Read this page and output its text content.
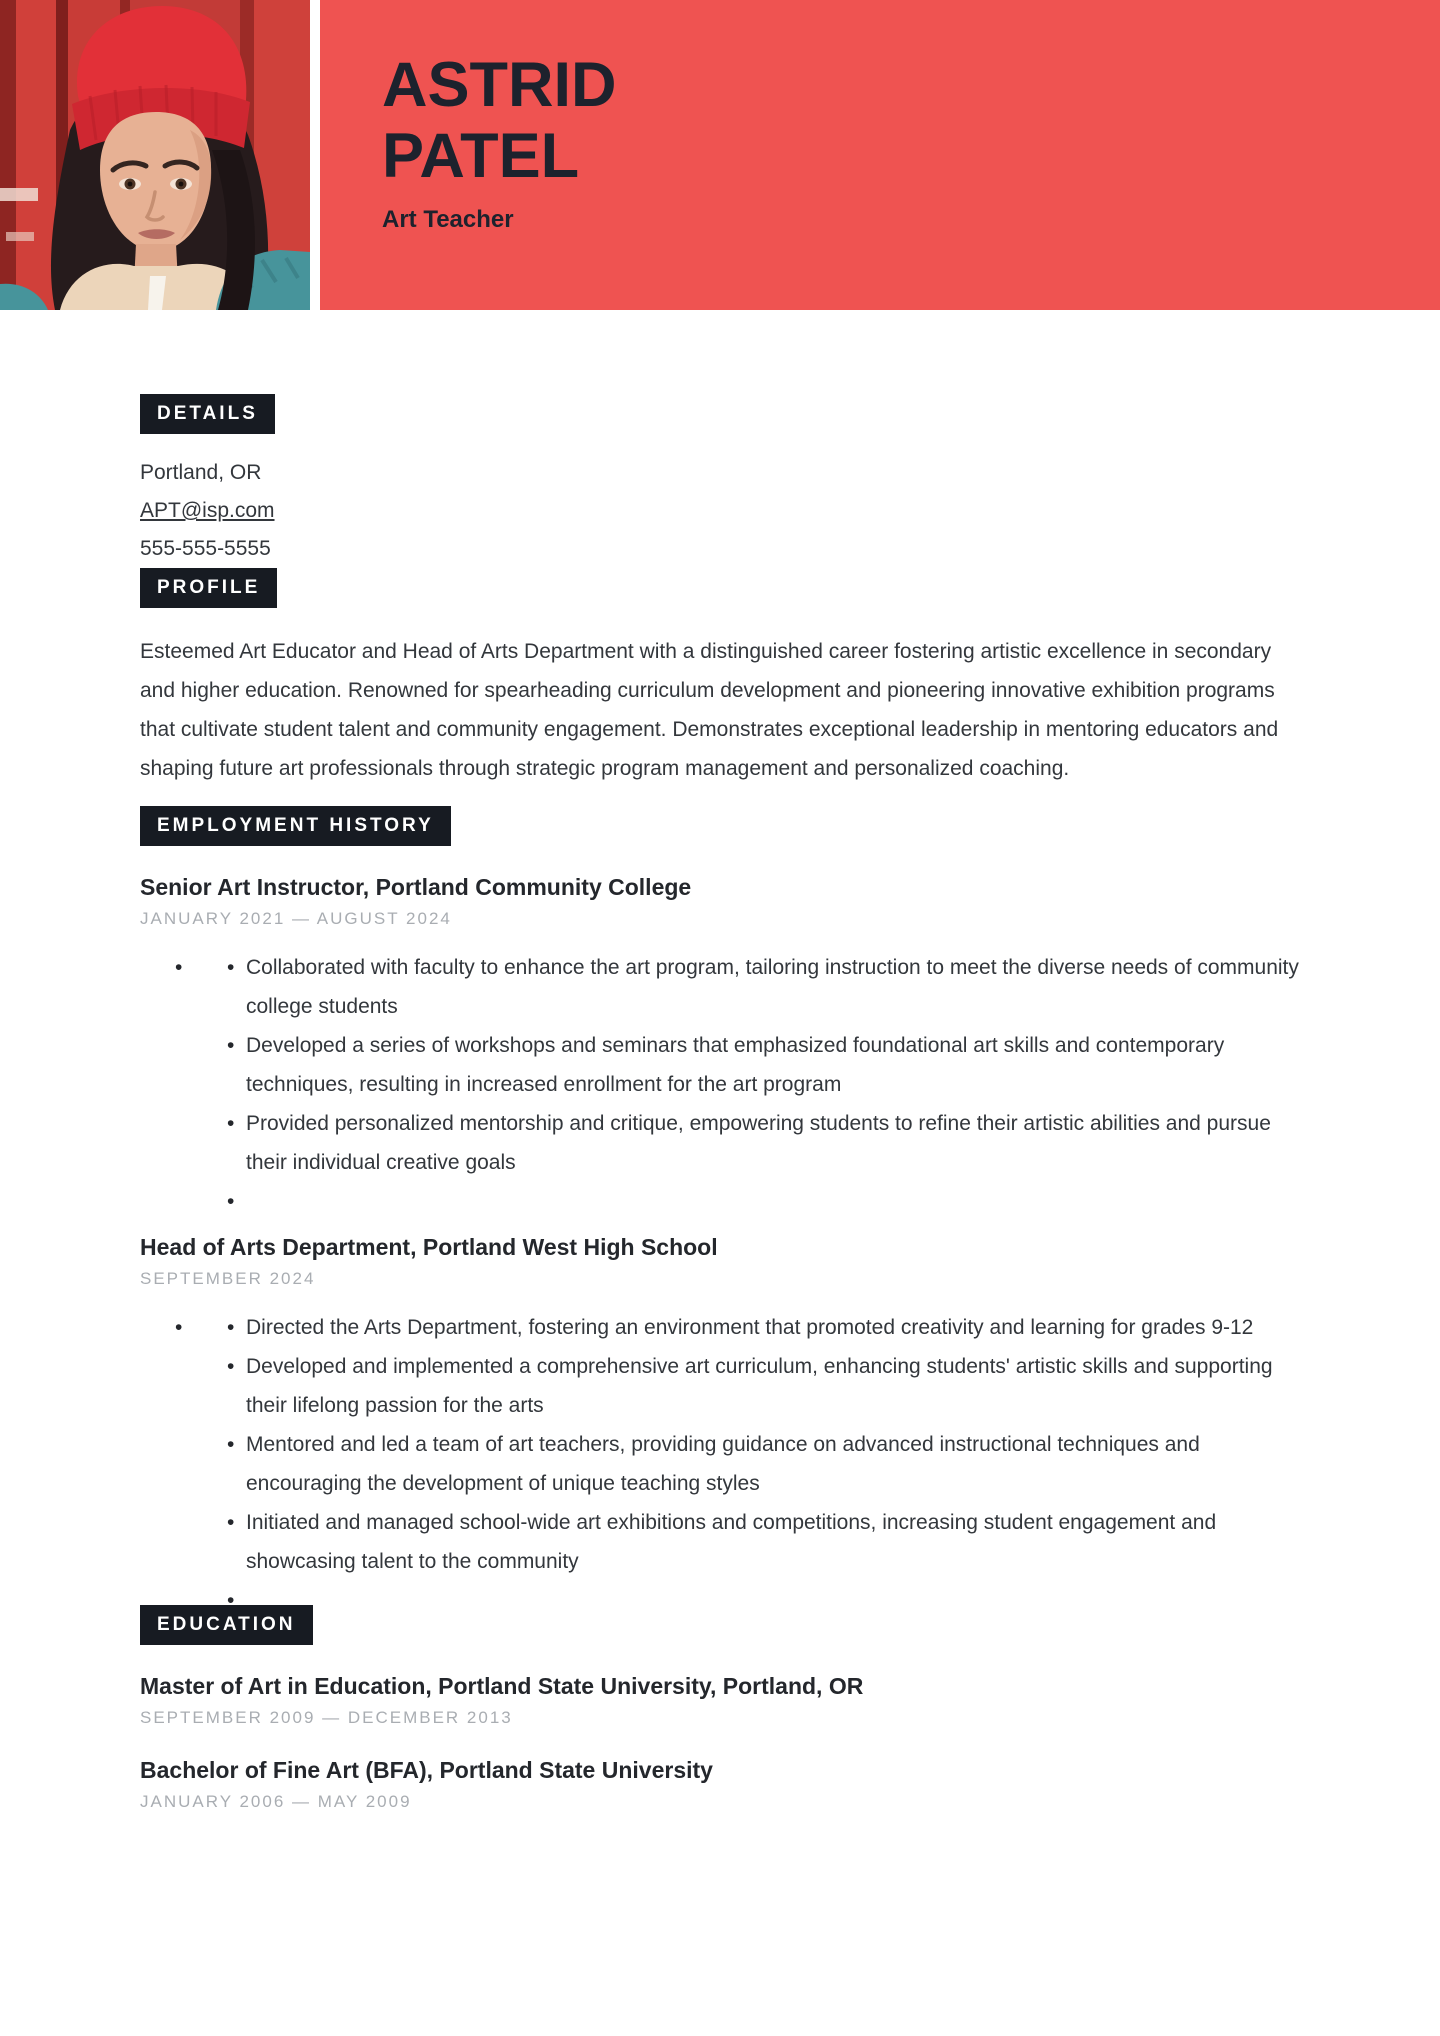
ASTRID PATEL
Art Teacher
DETAILS
Portland, OR
APT@isp.com
555-555-5555
PROFILE

Esteemed Art Educator and Head of Arts Department with a distinguished career fostering artistic excellence in secondary and higher education. Renowned for spearheading curriculum development and pioneering innovative exhibition programs that cultivate student talent and community engagement. Demonstrates exceptional leadership in mentoring educators and shaping future art professionals through strategic program management and personalized coaching.

EMPLOYMENT HISTORY
Senior Art Instructor, Portland Community College
JANUARY 2021 — AUGUST 2024
•	• Collaborated with faculty to enhance the art program, tailoring instruction to meet the diverse needs of community college students
• Developed a series of workshops and seminars that emphasized foundational art skills and contemporary techniques, resulting in increased enrollment for the art program
• Provided personalized mentorship and critique, empowering students to refine their artistic abilities and pursue their individual creative goals
•
Head of Arts Department, Portland West High School
SEPTEMBER 2024
•	• Directed the Arts Department, fostering an environment that promoted creativity and learning for grades 9-12
• Developed and implemented a comprehensive art curriculum, enhancing students' artistic skills and supporting their lifelong passion for the arts
• Mentored and led a team of art teachers, providing guidance on advanced instructional techniques and encouraging the development of unique teaching styles
• Initiated and managed school-wide art exhibitions and competitions, increasing student engagement and showcasing talent to the community
•
EDUCATION
Master of Art in Education, Portland State University, Portland, OR
SEPTEMBER 2009 — DECEMBER 2013
Bachelor of Fine Art (BFA), Portland State University
JANUARY 2006 — MAY 2009
